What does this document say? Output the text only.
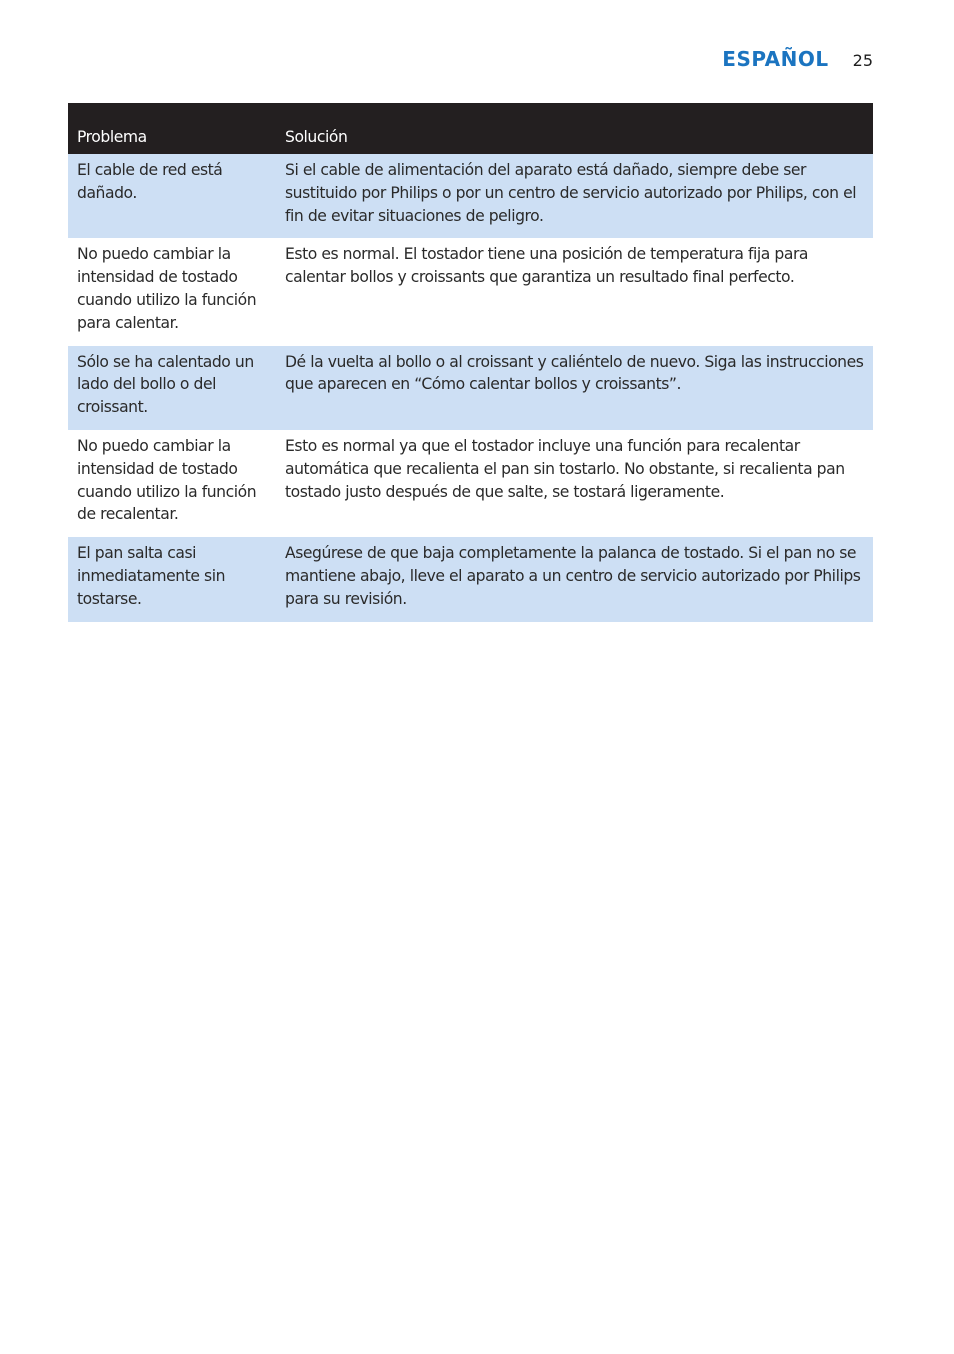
ESPAÑOL 25
Problema	Solución
El cable de red está dañado.	Si el cable de alimentación del aparato está dañado, siempre debe ser sustituido por Philips o por un centro de servicio autorizado por Philips, con el fin de evitar situaciones de peligro.
No puedo cambiar la intensidad de tostado cuando utilizo la función para calentar.	Esto es normal. El tostador tiene una posición de temperatura fija para calentar bollos y croissants que garantiza un resultado final perfecto.
Sólo se ha calentado un lado del bollo o del croissant.	Dé la vuelta al bollo o al croissant y caliéntelo de nuevo. Siga las instrucciones que aparecen en “Cómo calentar bollos y croissants”.
No puedo cambiar la intensidad de tostado cuando utilizo la función de recalentar.	Esto es normal ya que el tostador incluye una función para recalentar automática que recalienta el pan sin tostarlo. No obstante, si recalienta pan tostado justo después de que salte, se tostará ligeramente.
El pan salta casi inmediatamente sin tostarse.	Asegúrese de que baja completamente la palanca de tostado. Si el pan no se mantiene abajo, lleve el aparato a un centro de servicio autorizado por Philips para su revisión.
